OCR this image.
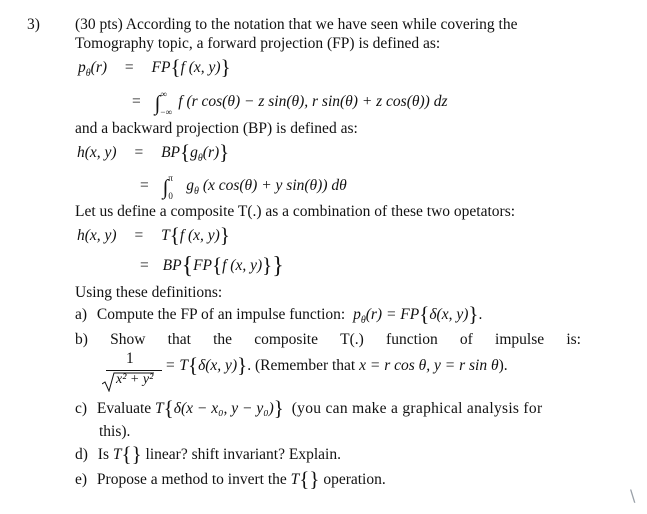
3) (30 pts) According to the notation that we have seen while covering the
Tomography topic, a forward projection (FP) is defined as:
$p_\theta(r) = FP\{f$ (x, y)}
= ∫ ∞
−∞
f (r cos(θ) − z sin(θ), r sin(θ) + z cos(θ)) dz
and a backward projection (BP) is defined as:
h(x, $y) = BP\{g_\theta(r)\}$
= ∫ π
0
$g_\theta$ (x cos(θ) + y sin(θ)) dθ
Let us define a composite T(.) as a combination of these two opetators:
h(x, y) = T{f (x, y)}
= BP{FP{f (x, y)}}
Using these definitions:
a) Compute the FP of an impulse function: $p_\theta(r) = FP\{\delta(x$, y)}.
b) Show that the composite T(.) function of impulse is:
1
x² + y²
= T{δ(x, y)}. (Remember that x = r cos θ, y = r sin θ).
c) Evaluate T{δ(x − x₀, y − y₀)} (you can make a graphical analysis for
this).
d) Is T{} linear? shift invariant? Explain.
e) Propose a method to invert the T{} operation.
\
